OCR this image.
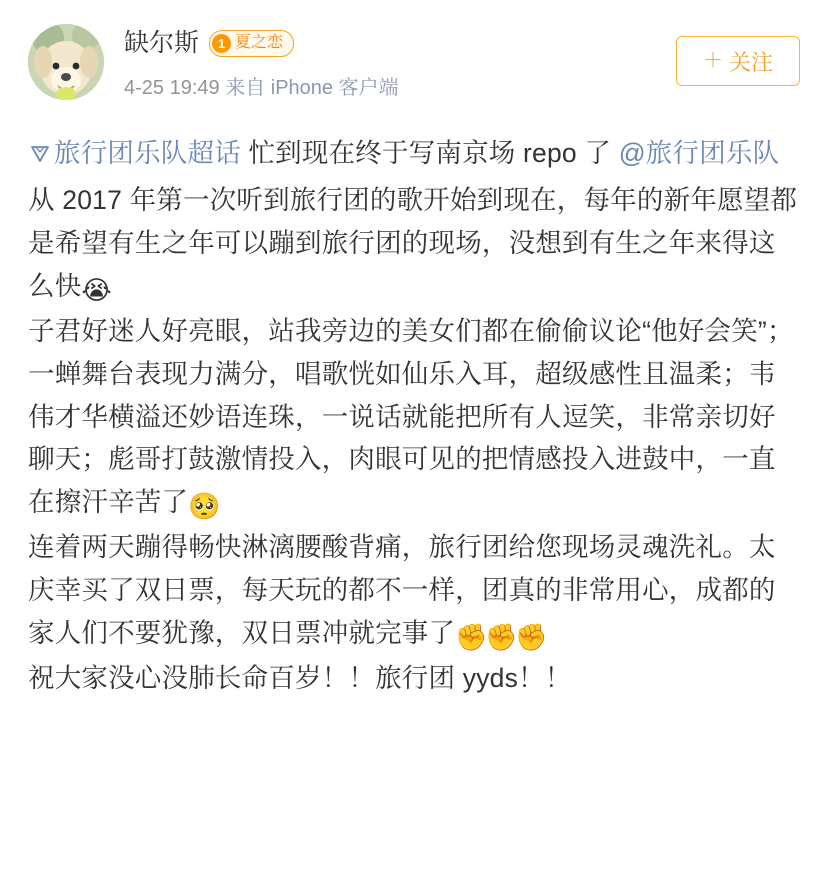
缺尔斯	1 夏之恋
4-25 19:49 来自 iPhone 客户端
＋ 关注

旅行团乐队超话 忙到现在终于写南京场 repo 了 @旅行团乐队

从 2017 年第一次听到旅行团的歌开始到现在，每年的新年愿望都是希望有生之年可以蹦到旅行团的现场，没想到有生之年来得这么快😭

子君好迷人好亮眼，站我旁边的美女们都在偷偷议论“他好会笑”；一蝉舞台表现力满分，唱歌恍如仙乐入耳，超级感性且温柔；韦伟才华横溢还妙语连珠，一说话就能把所有人逗笑，非常亲切好聊天；彪哥打鼓激情投入，肉眼可见的把情感投入进鼓中，一直在擦汗辛苦了🥺

连着两天蹦得畅快淋漓腰酸背痛，旅行团给您现场灵魂洗礼。太庆幸买了双日票，每天玩的都不一样，团真的非常用心，成都的家人们不要犹豫，双日票冲就完事了✊✊✊

祝大家没心没肺长命百岁！！旅行团 yyds！！
